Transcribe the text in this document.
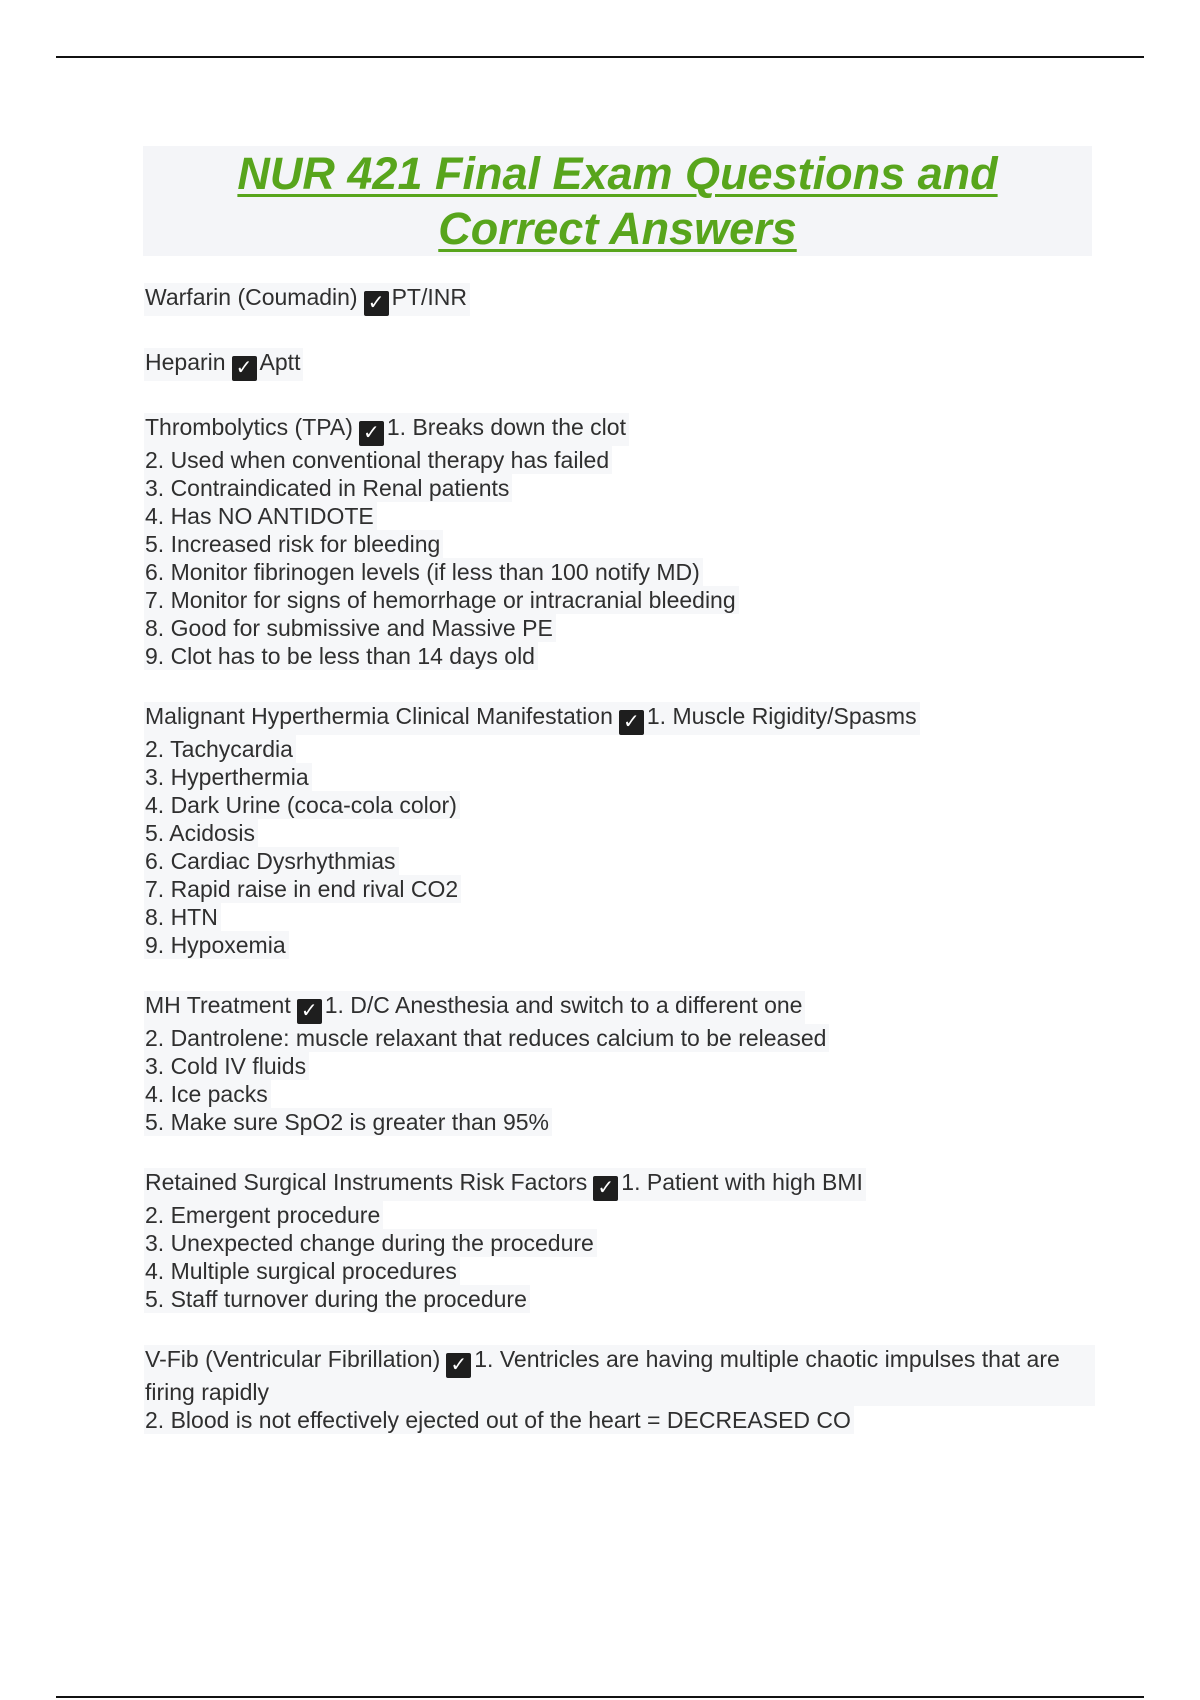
NUR 421 Final Exam Questions and
Correct Answers
Warfarin (Coumadin) ✓ PT/INR
Heparin ✓ Aptt
Thrombolytics (TPA) ✓ 1. Breaks down the clot
2. Used when conventional therapy has failed
3. Contraindicated in Renal patients
4. Has NO ANTIDOTE
5. Increased risk for bleeding
6. Monitor fibrinogen levels (if less than 100 notify MD)
7. Monitor for signs of hemorrhage or intracranial bleeding
8. Good for submissive and Massive PE
9. Clot has to be less than 14 days old
Malignant Hyperthermia Clinical Manifestation ✓ 1. Muscle Rigidity/Spasms
2. Tachycardia
3. Hyperthermia
4. Dark Urine (coca-cola color)
5. Acidosis
6. Cardiac Dysrhythmias
7. Rapid raise in end rival CO2
8. HTN
9. Hypoxemia
MH Treatment ✓ 1. D/C Anesthesia and switch to a different one
2. Dantrolene: muscle relaxant that reduces calcium to be released
3. Cold IV fluids
4. Ice packs
5. Make sure SpO2 is greater than 95%
Retained Surgical Instruments Risk Factors ✓ 1. Patient with high BMI
2. Emergent procedure
3. Unexpected change during the procedure
4. Multiple surgical procedures
5. Staff turnover during the procedure
V-Fib (Ventricular Fibrillation) ✓ 1. Ventricles are having multiple chaotic impulses that are firing rapidly
2. Blood is not effectively ejected out of the heart = DECREASED CO
